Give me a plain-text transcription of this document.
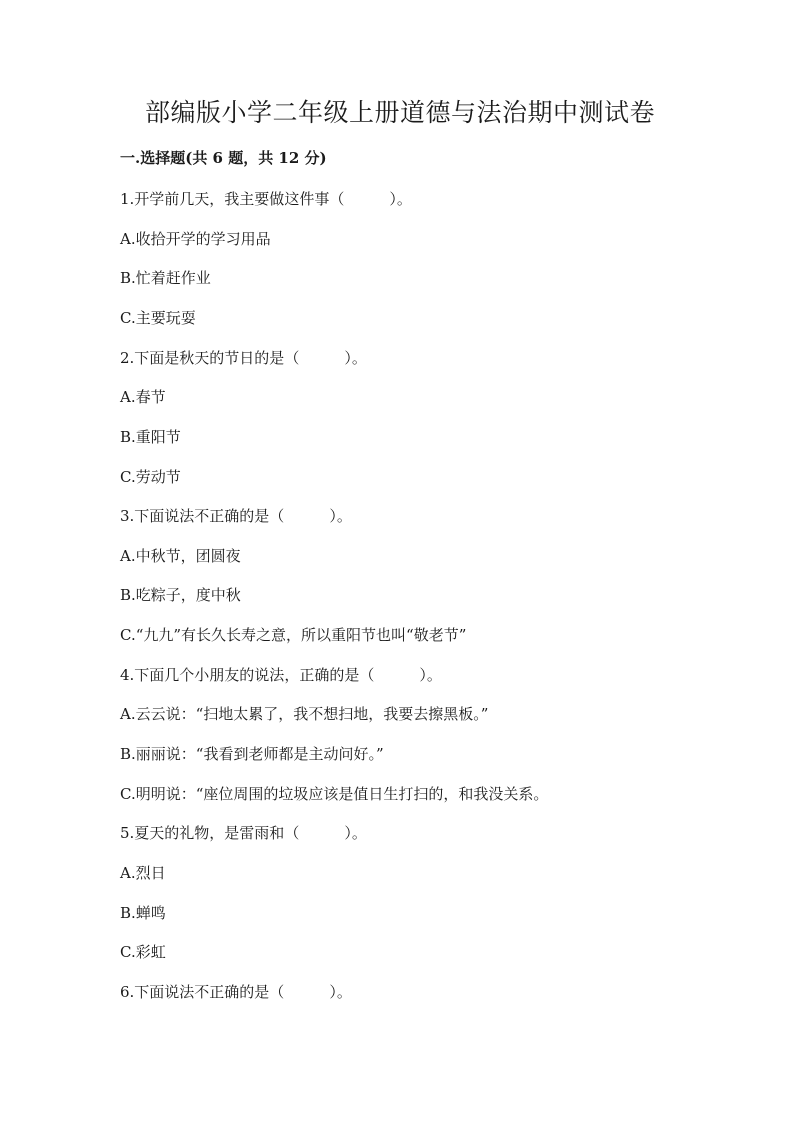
部编版小学二年级上册道德与法治期中测试卷
一.选择题(共 6 题，共 12 分)
1.开学前几天，我主要做这件事（　　　）。
A.收拾开学的学习用品
B.忙着赶作业
C.主要玩耍
2.下面是秋天的节日的是（　　　）。
A.春节
B.重阳节
C.劳动节
3.下面说法不正确的是（　　　）。
A.中秋节，团圆夜
B.吃粽子，度中秋
C.“九九”有长久长寿之意，所以重阳节也叫“敬老节”
4.下面几个小朋友的说法，正确的是（　　　）。
A.云云说：“扫地太累了，我不想扫地，我要去擦黑板。”
B.丽丽说：“我看到老师都是主动问好。”
C.明明说：“座位周围的垃圾应该是值日生打扫的，和我没关系。
5.夏天的礼物，是雷雨和（　　　）。
A.烈日
B.蝉鸣
C.彩虹
6.下面说法不正确的是（　　　）。
